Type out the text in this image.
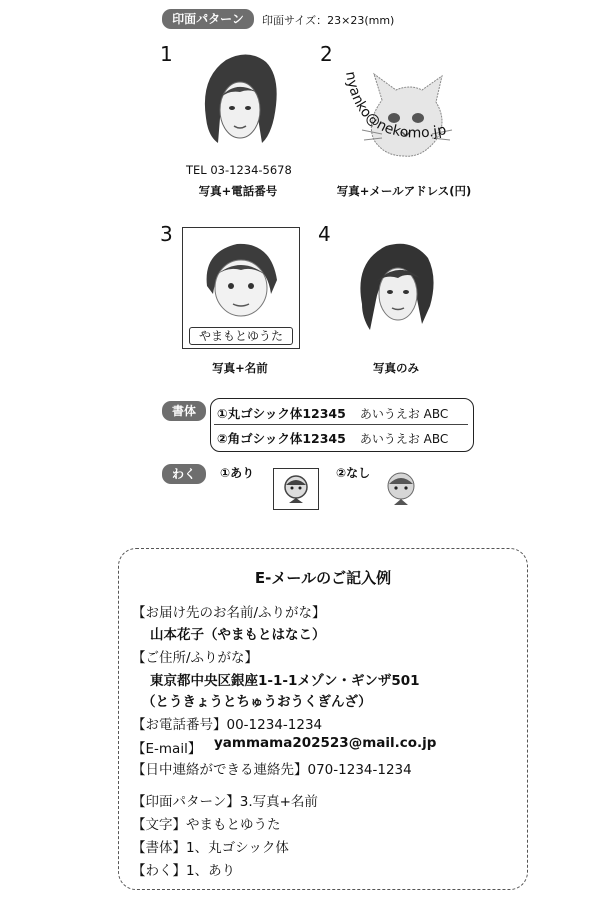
印面パターン	印面サイズ：23×23(mm)
1
TEL 03-1234-5678
写真+電話番号
2
nyanko@nekomo.jp
写真+メールアドレス(円)
3
やまもとゆうた
写真+名前
4
写真のみ
書体	①丸ゴシック体12345 あいうえお ABC
②角ゴシック体12345 あいうえお ABC
わく	①あり	②なし
E-メールのご記入例
【お届け先のお名前/ふりがな】
山本花子（やまもとはなこ）
【ご住所/ふりがな】
東京都中央区銀座1-1-1メゾン・ギンザ501
（とうきょうとちゅうおうくぎんざ）
【お電話番号】00-1234-1234
【E-mail】 yammama202523@mail.co.jp
【日中連絡ができる連絡先】070-1234-1234
【印面パターン】3.写真+名前
【文字】やまもとゆうた
【書体】1、丸ゴシック体
【わく】1、あり
